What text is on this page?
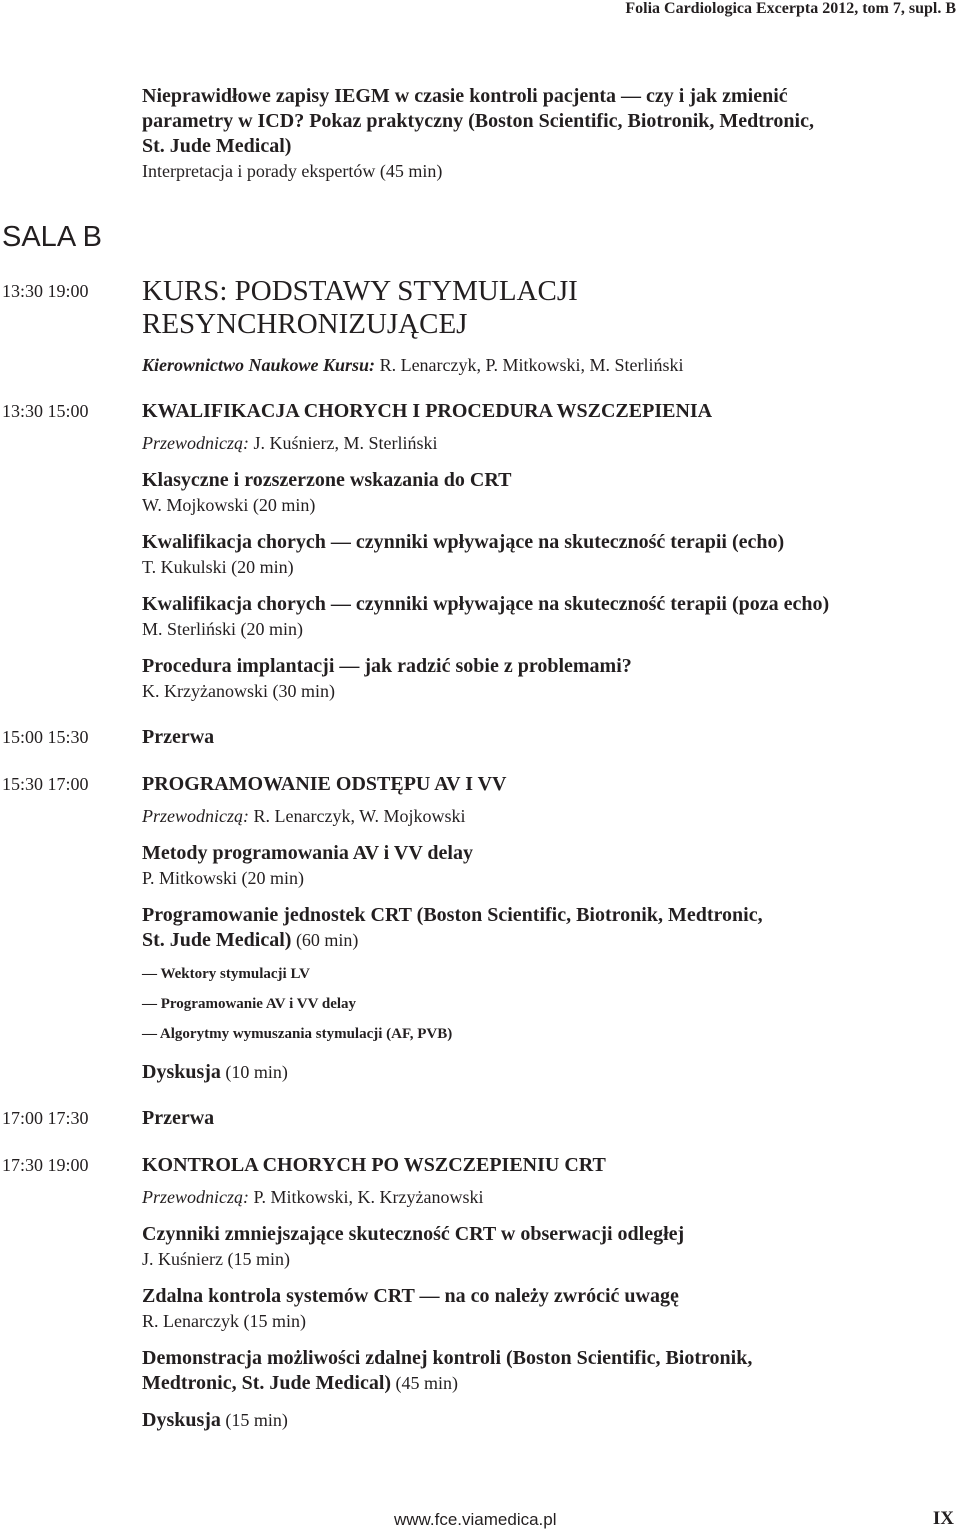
Folia Cardiologica Excerpta 2012, tom 7, supl. B
Nieprawidłowe zapisy IEGM w czasie kontroli pacjenta — czy i jak zmienić
parametry w ICD? Pokaz praktyczny (Boston Scientific, Biotronik, Medtronic,
St. Jude Medical)
Interpretacja i porady ekspertów (45 min)
SALA B
13:30 19:00	KURS: PODSTAWY STYMULACJI
RESYNCHRONIZUJĄCEJ
Kierownictwo Naukowe Kursu: R. Lenarczyk, P. Mitkowski, M. Sterliński
13:30 15:00	KWALIFIKACJA CHORYCH I PROCEDURA WSZCZEPIENIA
Przewodniczą: J. Kuśnierz, M. Sterliński
Klasyczne i rozszerzone wskazania do CRT
W. Mojkowski (20 min)
Kwalifikacja chorych — czynniki wpływające na skuteczność terapii (echo)
T. Kukulski (20 min)
Kwalifikacja chorych — czynniki wpływające na skuteczność terapii (poza echo)
M. Sterliński (20 min)
Procedura implantacji — jak radzić sobie z problemami?
K. Krzyżanowski (30 min)
15:00 15:30	Przerwa
15:30 17:00	PROGRAMOWANIE ODSTĘPU AV I VV
Przewodniczą: R. Lenarczyk, W. Mojkowski
Metody programowania AV i VV delay
P. Mitkowski (20 min)
Programowanie jednostek CRT (Boston Scientific, Biotronik, Medtronic,
St. Jude Medical) (60 min)
— Wektory stymulacji LV
— Programowanie AV i VV delay
— Algorytmy wymuszania stymulacji (AF, PVB)
Dyskusja (10 min)
17:00 17:30	Przerwa
17:30 19:00	KONTROLA CHORYCH PO WSZCZEPIENIU CRT
Przewodniczą: P. Mitkowski, K. Krzyżanowski
Czynniki zmniejszające skuteczność CRT w obserwacji odległej
J. Kuśnierz (15 min)
Zdalna kontrola systemów CRT — na co należy zwrócić uwagę
R. Lenarczyk (15 min)
Demonstracja możliwości zdalnej kontroli (Boston Scientific, Biotronik,
Medtronic, St. Jude Medical) (45 min)
Dyskusja (15 min)
www.fce.viamedica.pl	IX
